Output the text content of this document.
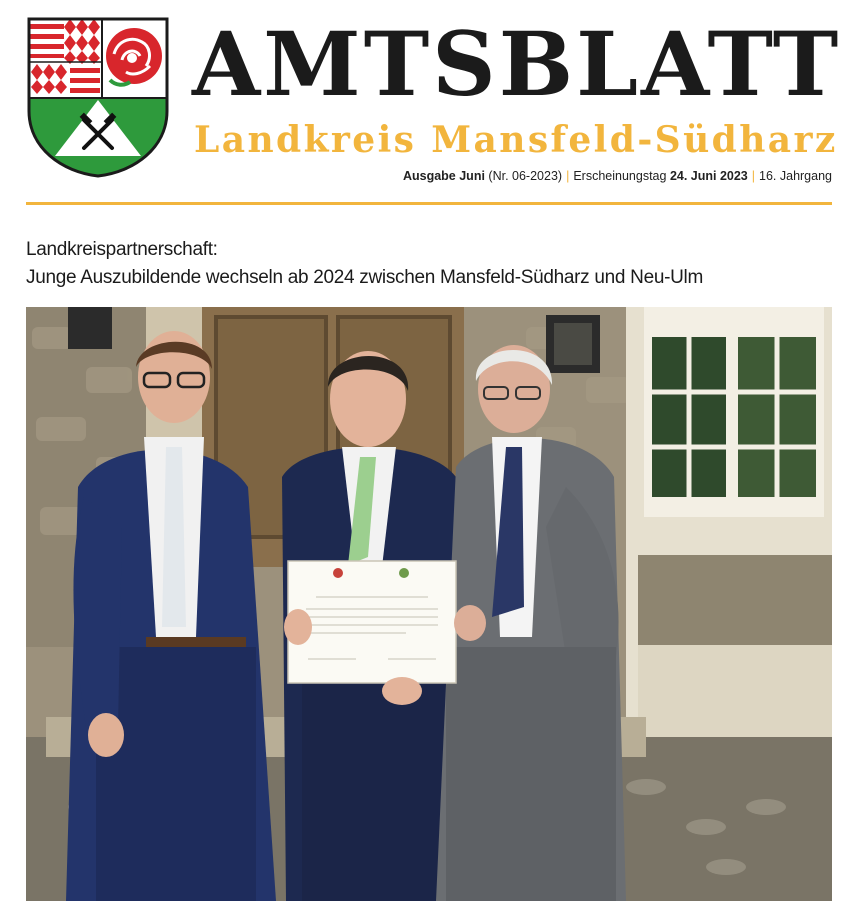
AMTSBLATT
Landkreis Mansfeld-Südharz
Ausgabe Juni (Nr. 06-2023) | Erscheinungstag 24. Juni 2023 | 16. Jahrgang
Landkreispartnerschaft:
Junge Auszubildende wechseln ab 2024 zwischen Mansfeld-Südharz und Neu-Ulm
